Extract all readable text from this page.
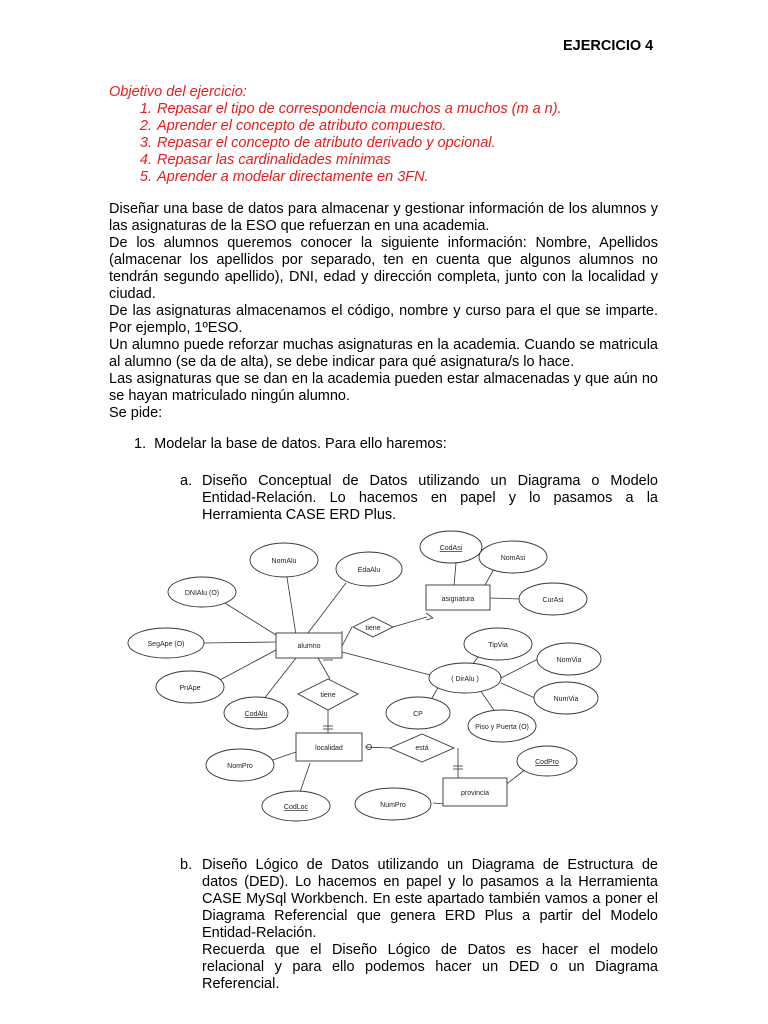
EJERCICIO 4
Objetivo del ejercicio:
1. Repasar el tipo de correspondencia muchos a muchos (m a n).
2. Aprender el concepto de atributo compuesto.
3. Repasar el concepto de atributo derivado y opcional.
4. Repasar las cardinalidades mínimas
5. Aprender a modelar directamente en 3FN.

Diseñar una base de datos para almacenar y gestionar información de los alumnos y las asignaturas de la ESO que refuerzan en una academia.

De los alumnos queremos conocer la siguiente información: Nombre, Apellidos (almacenar los apellidos por separado, ten en cuenta que algunos alumnos no tendrán segundo apellido), DNI, edad y dirección completa, junto con la localidad y ciudad.

De las asignaturas almacenamos el código, nombre y curso para el que se imparte. Por ejemplo, 1ºESO.

Un alumno puede reforzar muchas asignaturas en la academia. Cuando se matricula al alumno (se da de alta), se debe indicar para qué asignatura/s lo hace.

Las asignaturas que se dan en la academia pueden estar almacenadas y que aún no se hayan matriculado ningún alumno.

Se pide:

1. Modelar la base de datos. Para ello haremos:
a. Diseño Conceptual de Datos utilizando un Diagrama o Modelo Entidad-Relación. Lo hacemos en papel y lo pasamos a la Herramienta CASE ERD Plus.
alumno
asignatura
localidad
provincia
tiene
tiene
está
NomAlu
EdaAlu
DNIAlu (O)
SegApe (O)
PriApe
CodAlu
CodAsi
NomAsi
CurAsi
TipVia
( DirAlu )
NomVia
NumVia
CP
Piso y Puerta (O)
NomPro
CodLoc
CodPro
NumPro
b. Diseño Lógico de Datos utilizando un Diagrama de Estructura de datos (DED). Lo hacemos en papel y lo pasamos a la Herramienta CASE MySql Workbench. En este apartado también vamos a poner el Diagrama Referencial que genera ERD Plus a partir del Modelo Entidad-Relación.

Recuerda que el Diseño Lógico de Datos es hacer el modelo relacional y para ello podemos hacer un DED o un Diagrama Referencial.
